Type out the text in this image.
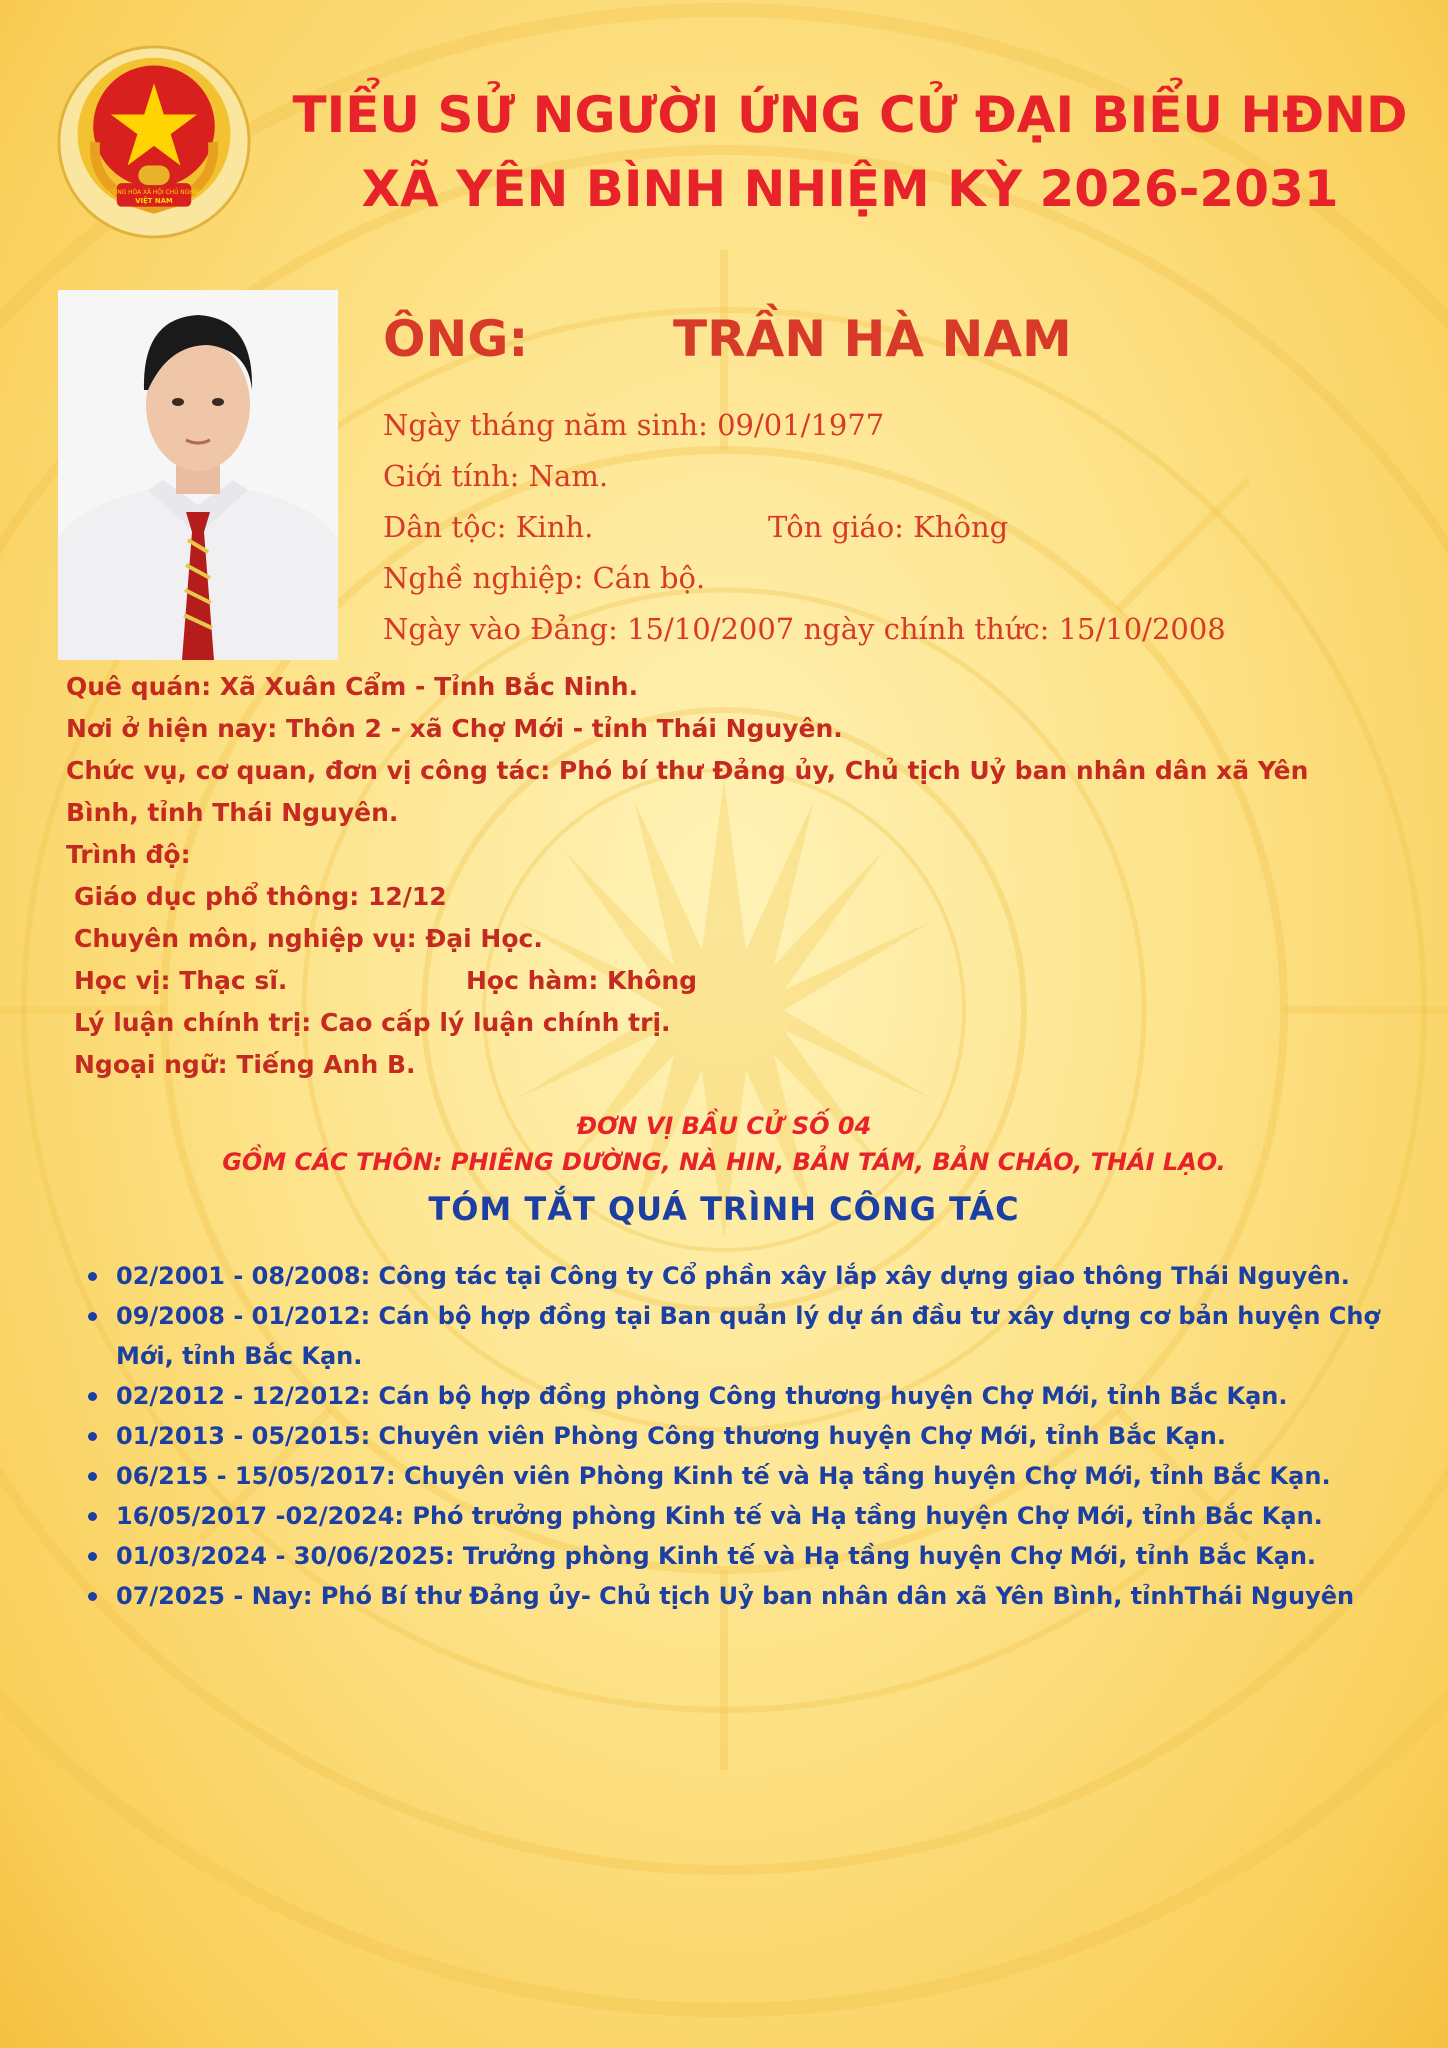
CỘNG HÒA XÃ HỘI CHỦ NGHĨA
VIỆT NAM
TIỂU SỬ NGƯỜI ỨNG CỬ ĐẠI BIỂU HĐND
XÃ YÊN BÌNH NHIỆM KỲ 2026-2031
ÔNG:	TRẦN HÀ NAM
Ngày tháng năm sinh: 09/01/1977
Giới tính: Nam.
Dân tộc: Kinh.	Tôn giáo: Không
Nghề nghiệp: Cán bộ.
Ngày vào Đảng: 15/10/2007 ngày chính thức: 15/10/2008
Quê quán: Xã Xuân Cẩm - Tỉnh Bắc Ninh.
Nơi ở hiện nay: Thôn 2 - xã Chợ Mới - tỉnh Thái Nguyên.
Chức vụ, cơ quan, đơn vị công tác: Phó bí thư Đảng ủy, Chủ tịch Uỷ ban nhân dân xã Yên Bình, tỉnh Thái Nguyên.
Trình độ:
Giáo dục phổ thông: 12/12
Chuyên môn, nghiệp vụ: Đại Học.
Học vị: Thạc sĩ.	Học hàm: Không
Lý luận chính trị: Cao cấp lý luận chính trị.
Ngoại ngữ: Tiếng Anh B.
ĐƠN VỊ BẦU CỬ SỐ 04
GỒM CÁC THÔN: PHIÊNG DƯỜNG, NÀ HIN, BẢN TÁM, BẢN CHÁO, THÁI LẠO.
TÓM TẮT QUÁ TRÌNH CÔNG TÁC
02/2001 - 08/2008: Công tác tại Công ty Cổ phần xây lắp xây dựng giao thông Thái Nguyên.
09/2008 - 01/2012: Cán bộ hợp đồng tại Ban quản lý dự án đầu tư xây dựng cơ bản huyện Chợ Mới, tỉnh Bắc Kạn.
02/2012 - 12/2012: Cán bộ hợp đồng phòng Công thương huyện Chợ Mới, tỉnh Bắc Kạn.
01/2013 - 05/2015: Chuyên viên Phòng Công thương huyện Chợ Mới, tỉnh Bắc Kạn.
06/215 - 15/05/2017: Chuyên viên Phòng Kinh tế và Hạ tầng huyện Chợ Mới, tỉnh Bắc Kạn.
16/05/2017 -02/2024: Phó trưởng phòng Kinh tế và Hạ tầng huyện Chợ Mới, tỉnh Bắc Kạn.
01/03/2024 - 30/06/2025: Trưởng phòng Kinh tế và Hạ tầng huyện Chợ Mới, tỉnh Bắc Kạn.
07/2025 - Nay: Phó Bí thư Đảng ủy- Chủ tịch Uỷ ban nhân dân xã Yên Bình, tỉnhThái Nguyên
